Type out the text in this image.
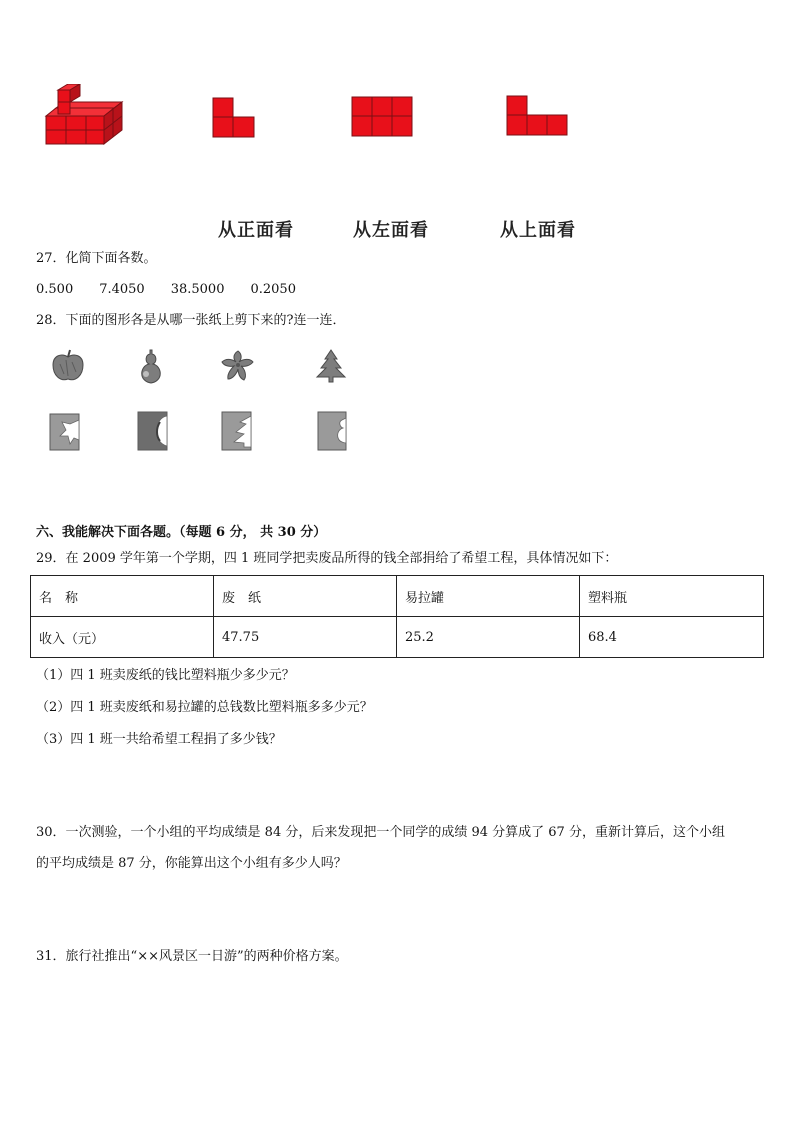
从正面看	从左面看	从上面看
27．化简下面各数。
0.500 7.4050 38.5000 0.2050
28．下面的图形各是从哪一张纸上剪下来的?连一连．
六、我能解决下面各题。（每题 6 分， 共 30 分）
29．在 2009 学年第一个学期，四 1 班同学把卖废品所得的钱全部捐给了希望工程，具体情况如下：
名　称	废　纸	易拉罐	塑料瓶
收入（元）	47.75	25.2	68.4
（1）四 1 班卖废纸的钱比塑料瓶少多少元？
（2）四 1 班卖废纸和易拉罐的总钱数比塑料瓶多多少元？
（3）四 1 班一共给希望工程捐了多少钱？
30．一次测验，一个小组的平均成绩是 84 分，后来发现把一个同学的成绩 94 分算成了 67 分，重新计算后，这个小组
的平均成绩是 87 分，你能算出这个小组有多少人吗？
31．旅行社推出“××风景区一日游”的两种价格方案。
